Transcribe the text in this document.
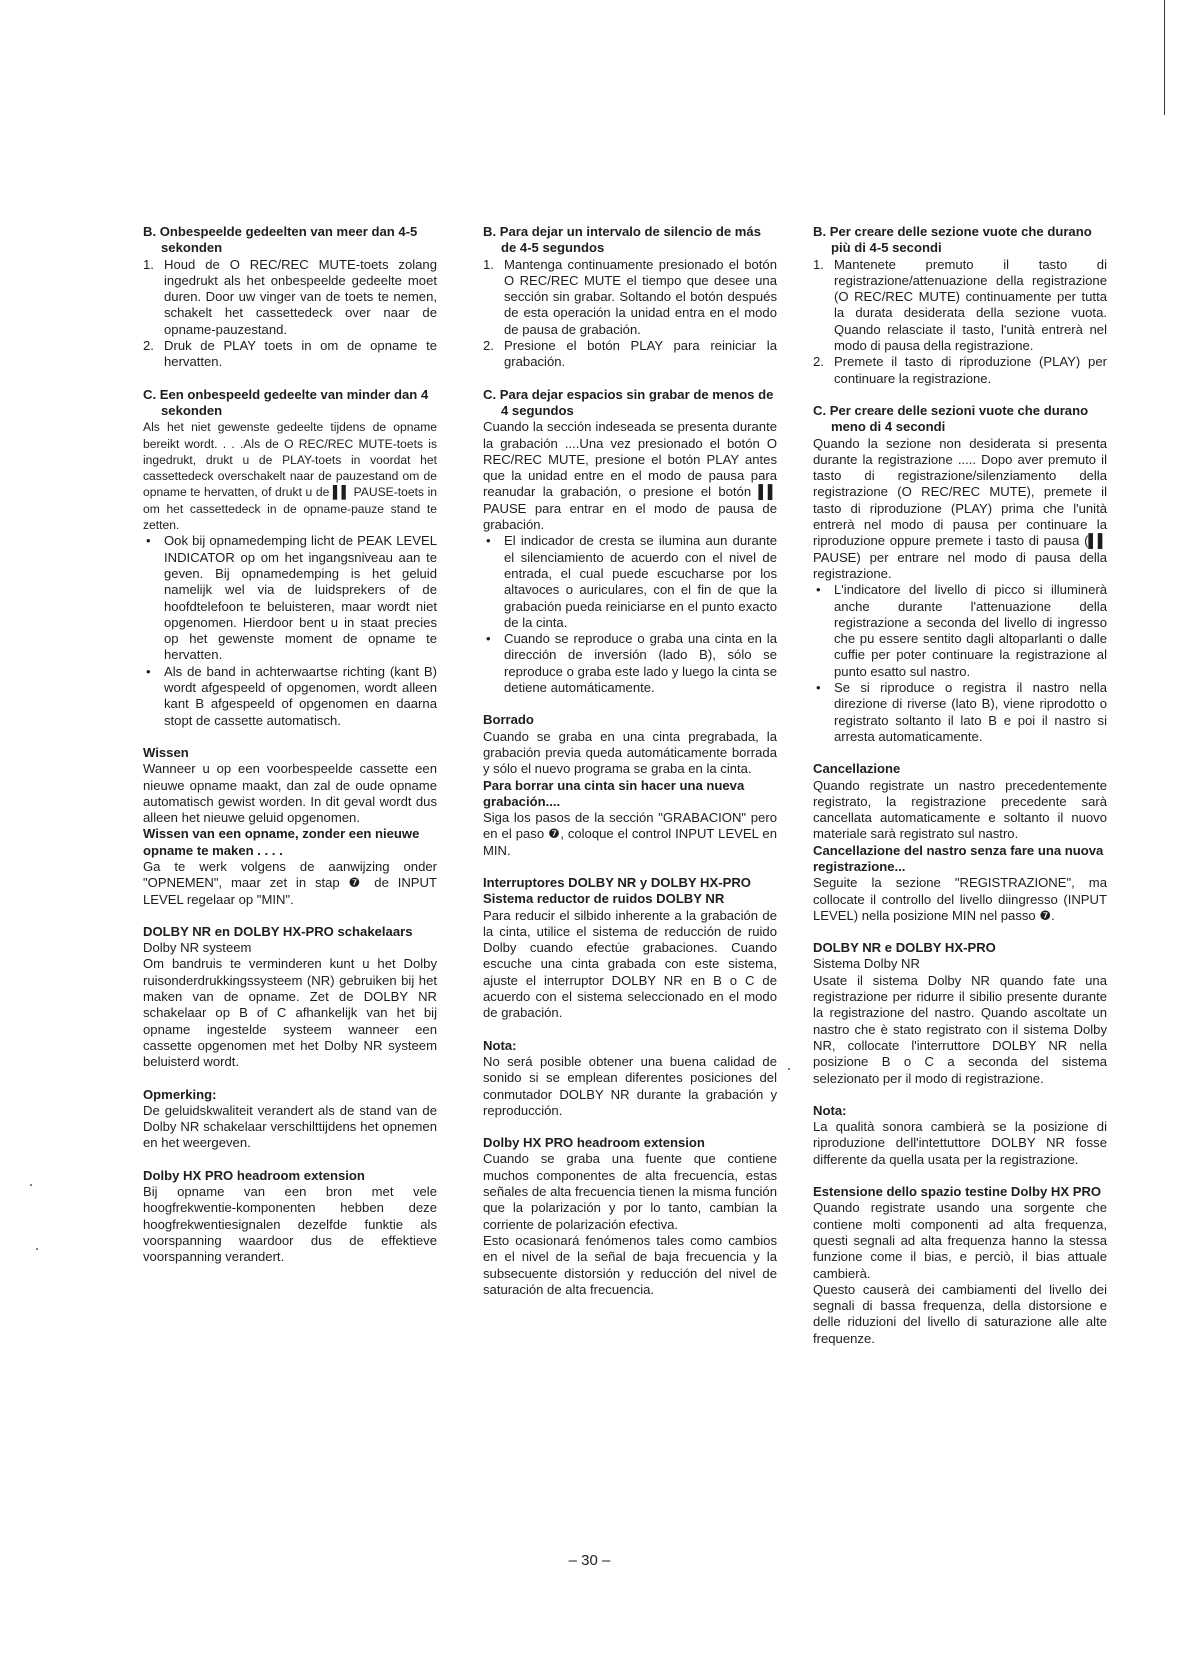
B. Onbespeelde gedeelten van meer dan 4-5 sekonden
1. Houd de O REC/REC MUTE-toets zolang ingedrukt als het onbespeelde gedeelte moet duren. Door uw vinger van de toets te nemen, schakelt het cassettedeck over naar de opname-pauzestand.
2. Druk de PLAY toets in om de opname te hervatten.
C. Een onbespeeld gedeelte van minder dan 4 sekonden

Als het niet gewenste gedeelte tijdens de opname bereikt wordt. . . .Als de O REC/REC MUTE-toets is ingedrukt, drukt u de PLAY-toets in voordat het cassettedeck overschakelt naar de pauzestand om de opname te hervatten, of drukt u de ▌▌ PAUSE-toets in om het cassettedeck in de opname-pauze stand te zetten.

• Ook bij opnamedemping licht de PEAK LEVEL INDICATOR op om het ingangsniveau aan te geven. Bij opnamedemping is het geluid namelijk wel via de luidsprekers of de hoofdtelefoon te beluisteren, maar wordt niet opgenomen. Hierdoor bent u in staat precies op het gewenste moment de opname te hervatten.
• Als de band in achterwaartse richting (kant B) wordt afgespeeld of opgenomen, wordt alleen kant B afgespeeld of opgenomen en daarna stopt de cassette automatisch.
Wissen

Wanneer u op een voorbespeelde cassette een nieuwe opname maakt, dan zal de oude opname automatisch gewist worden. In dit geval wordt dus alleen het nieuwe geluid opgenomen.

Wissen van een opname, zonder een nieuwe opname te maken . . . .

Ga te werk volgens de aanwijzing onder "OPNEMEN", maar zet in stap ❼ de INPUT LEVEL regelaar op "MIN".

DOLBY NR en DOLBY HX-PRO schakelaars

Dolby NR systeem

Om bandruis te verminderen kunt u het Dolby ruisonderdrukkingssysteem (NR) gebruiken bij het maken van de opname. Zet de DOLBY NR schakelaar op B of C afhankelijk van het bij opname ingestelde systeem wanneer een cassette opgenomen met het Dolby NR systeem beluisterd wordt.

Opmerking:

De geluidskwaliteit verandert als de stand van de Dolby NR schakelaar verschilttijdens het opnemen en het weergeven.

Dolby HX PRO headroom extension

Bij opname van een bron met vele hoogfrekwentie-komponenten hebben deze hoogfrekwentiesignalen dezelfde funktie als voorspanning waardoor dus de effektieve voorspanning verandert.

B. Para dejar un intervalo de silencio de más de 4-5 segundos
1. Mantenga continuamente presionado el botón O REC/REC MUTE el tiempo que desee una sección sin grabar. Soltando el botón después de esta operación la unidad entra en el modo de pausa de grabación.
2. Presione el botón PLAY para reiniciar la grabación.
C. Para dejar espacios sin grabar de menos de 4 segundos

Cuando la sección indeseada se presenta durante la grabación ....Una vez presionado el botón O REC/REC MUTE, presione el botón PLAY antes que la unidad entre en el modo de pausa para reanudar la grabación, o presione el botón ▌▌ PAUSE para entrar en el modo de pausa de grabación.

• El indicador de cresta se ilumina aun durante el silenciamiento de acuerdo con el nivel de entrada, el cual puede escucharse por los altavoces o auriculares, con el fin de que la grabación pueda reiniciarse en el punto exacto de la cinta.
• Cuando se reproduce o graba una cinta en la dirección de inversión (lado B), sólo se reproduce o graba este lado y luego la cinta se detiene automáticamente.
Borrado

Cuando se graba en una cinta pregrabada, la grabación previa queda automáticamente borrada y sólo el nuevo programa se graba en la cinta.

Para borrar una cinta sin hacer una nueva grabación....

Siga los pasos de la sección "GRABACION" pero en el paso ❼, coloque el control INPUT LEVEL en MIN.

Interruptores DOLBY NR y DOLBY HX-PRO
Sistema reductor de ruidos DOLBY NR

Para reducir el silbido inherente a la grabación de la cinta, utilice el sistema de reducción de ruido Dolby cuando efectúe grabaciones. Cuando escuche una cinta grabada con este sistema, ajuste el interruptor DOLBY NR en B o C de acuerdo con el sistema seleccionado en el modo de grabación.

Nota:

No será posible obtener una buena calidad de sonido si se emplean diferentes posiciones del conmutador DOLBY NR durante la grabación y reproducción.

Dolby HX PRO headroom extension

Cuando se graba una fuente que contiene muchos componentes de alta frecuencia, estas señales de alta frecuencia tienen la misma función que la polarización y por lo tanto, cambian la corriente de polarización efectiva.

Esto ocasionará fenómenos tales como cambios en el nivel de la señal de baja frecuencia y la subsecuente distorsión y reducción del nivel de saturación de alta frecuencia.

B. Per creare delle sezione vuote che durano più di 4-5 secondi
1. Mantenete premuto il tasto di registrazione/attenuazione della registrazione (O REC/REC MUTE) continuamente per tutta la durata desiderata della sezione vuota. Quando relasciate il tasto, l'unità entrerà nel modo di pausa della registrazione.
2. Premete il tasto di riproduzione (PLAY) per continuare la registrazione.
C. Per creare delle sezioni vuote che durano meno di 4 secondi

Quando la sezione non desiderata si presenta durante la registrazione ..... Dopo aver premuto il tasto di registrazione/silenziamento della registrazione (O REC/REC MUTE), premete il tasto di riproduzione (PLAY) prima che l'unità entrerà nel modo di pausa per continuare la riproduzione oppure premete i tasto di pausa (▌▌ PAUSE) per entrare nel modo di pausa della registrazione.

• L'indicatore del livello di picco si illuminerà anche durante l'attenuazione della registrazione a seconda del livello di ingresso che pu essere sentito dagli altoparlanti o dalle cuffie per poter continuare la registrazione al punto esatto sul nastro.
• Se si riproduce o registra il nastro nella direzione di riverse (lato B), viene riprodotto o registrato soltanto il lato B e poi il nastro si arresta automaticamente.
Cancellazione

Quando registrate un nastro precedentemente registrato, la registrazione precedente sarà cancellata automaticamente e soltanto il nuovo materiale sarà registrato sul nastro.

Cancellazione del nastro senza fare una nuova registrazione...

Seguite la sezione "REGISTRAZIONE", ma collocate il controllo del livello diingresso (INPUT LEVEL) nella posizione MIN nel passo ❼.

DOLBY NR e DOLBY HX-PRO

Sistema Dolby NR

Usate il sistema Dolby NR quando fate una registrazione per ridurre il sibilio presente durante la registrazione del nastro. Quando ascoltate un nastro che è stato registrato con il sistema Dolby NR, collocate l'interruttore DOLBY NR nella posizione B o C a seconda del sistema selezionato per il modo di registrazione.

Nota:

La qualità sonora cambierà se la posizione di riproduzione dell'intettuttore DOLBY NR fosse differente da quella usata per la registrazione.

Estensione dello spazio testine Dolby HX PRO

Quando registrate usando una sorgente che contiene molti componenti ad alta frequenza, questi segnali ad alta frequenza hanno la stessa funzione come il bias, e perciò, il bias attuale cambierà.

Questo causerà dei cambiamenti del livello dei segnali di bassa frequenza, della distorsione e delle riduzioni del livello di saturazione alle alte frequenze.

– 30 –
